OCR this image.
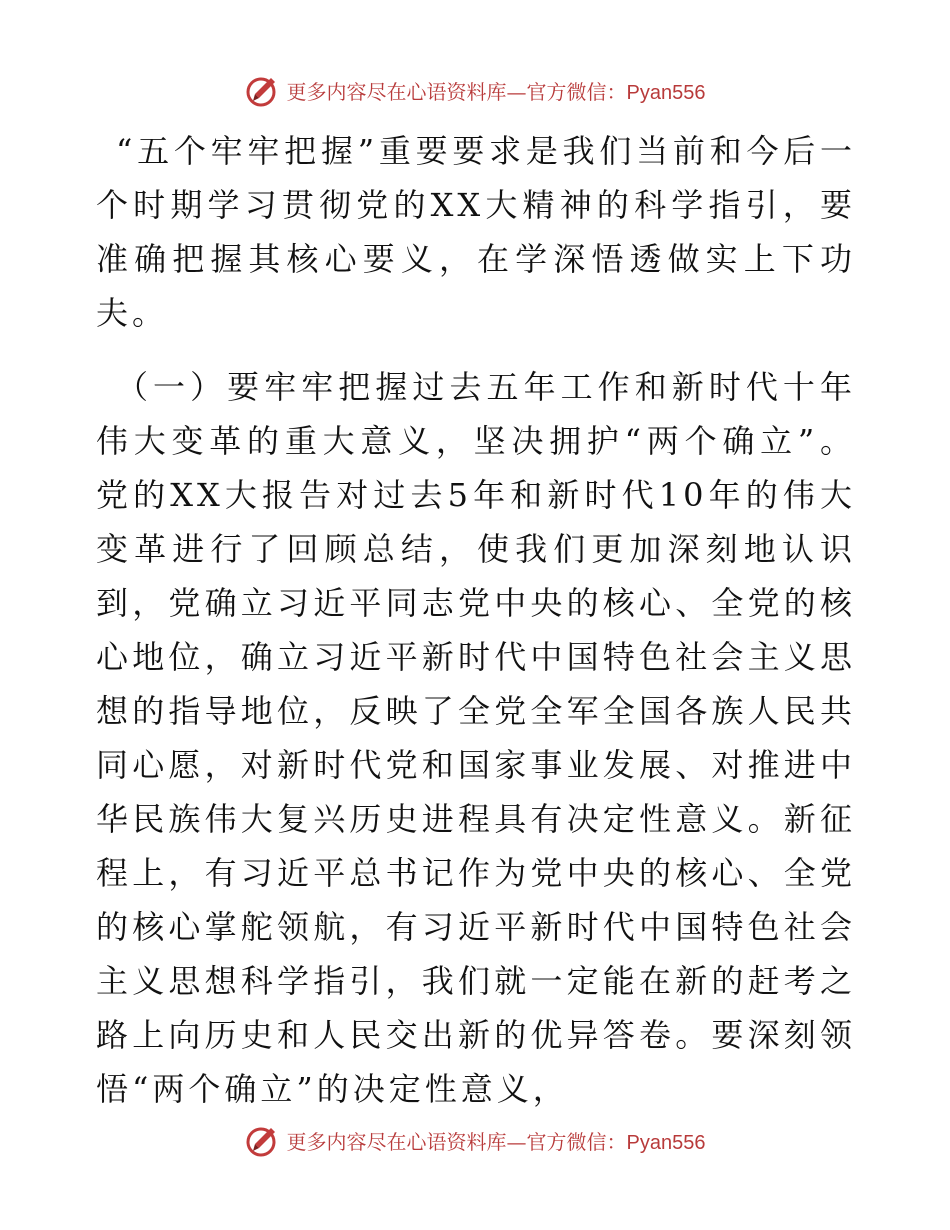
更多内容尽在心语资料库—官方微信：Pyan556

“五个牢牢把握”重要要求是我们当前和今后一个时期学习贯彻党的XX大精神的科学指引，要准确把握其核心要义，在学深悟透做实上下功夫。

（一）要牢牢把握过去五年工作和新时代十年伟大变革的重大意义，坚决拥护“两个确立”。党的XX大报告对过去5年和新时代10年的伟大变革进行了回顾总结，使我们更加深刻地认识到，党确立习近平同志党中央的核心、全党的核心地位，确立习近平新时代中国特色社会主义思想的指导地位，反映了全党全军全国各族人民共同心愿，对新时代党和国家事业发展、对推进中华民族伟大复兴历史进程具有决定性意义。新征程上，有习近平总书记作为党中央的核心、全党的核心掌舵领航，有习近平新时代中国特色社会主义思想科学指引，我们就一定能在新的赶考之路上向历史和人民交出新的优异答卷。要深刻领悟“两个确立”的决定性意义，

更多内容尽在心语资料库—官方微信：Pyan556
